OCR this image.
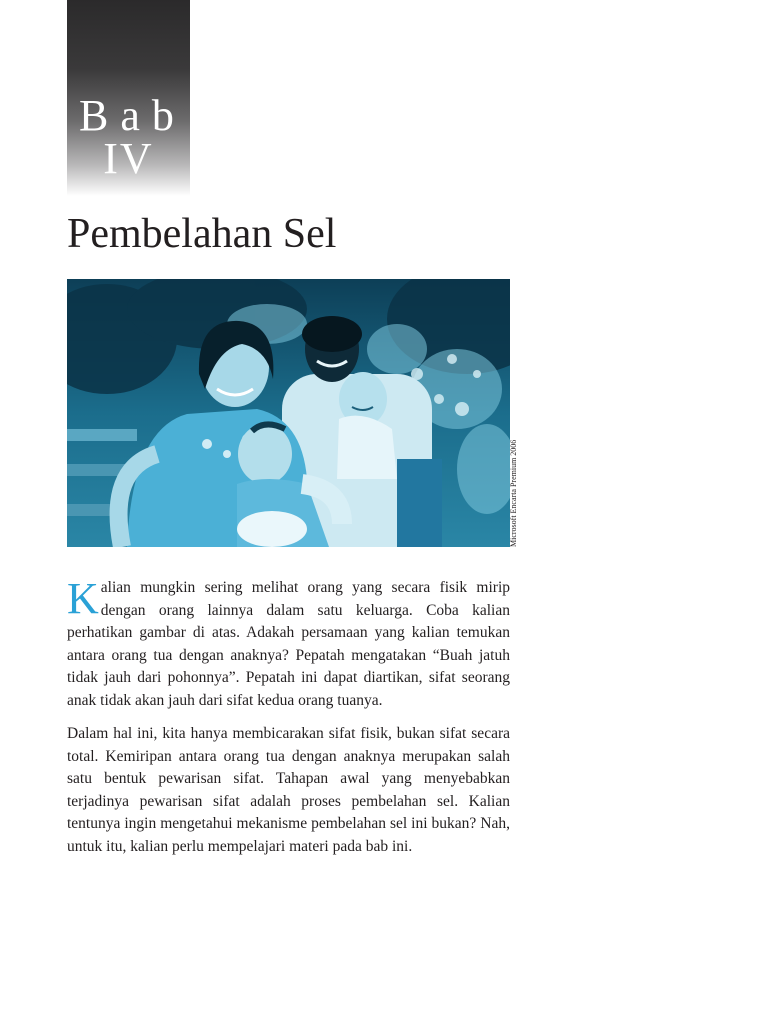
Bab
IV
Pembelahan Sel
Microsoft Encarta Premium 2006

Kalian mungkin sering melihat orang yang secara fisik mirip dengan orang lainnya dalam satu keluarga. Coba kalian perhatikan gambar di atas. Adakah persamaan yang kalian temukan antara orang tua dengan anaknya? Pepatah mengatakan “Buah jatuh tidak jauh dari pohonnya”. Pepatah ini dapat diartikan, sifat seorang anak tidak akan jauh dari sifat kedua orang tuanya.

Dalam hal ini, kita hanya membicarakan sifat fisik, bukan sifat secara total. Kemiripan antara orang tua dengan anaknya merupakan salah satu bentuk pewarisan sifat. Tahapan awal yang menyebabkan terjadinya pewarisan sifat adalah proses pembelahan sel. Kalian tentunya ingin mengetahui mekanisme pembelahan sel ini bukan? Nah, untuk itu, kalian perlu mempelajari materi pada bab ini.
